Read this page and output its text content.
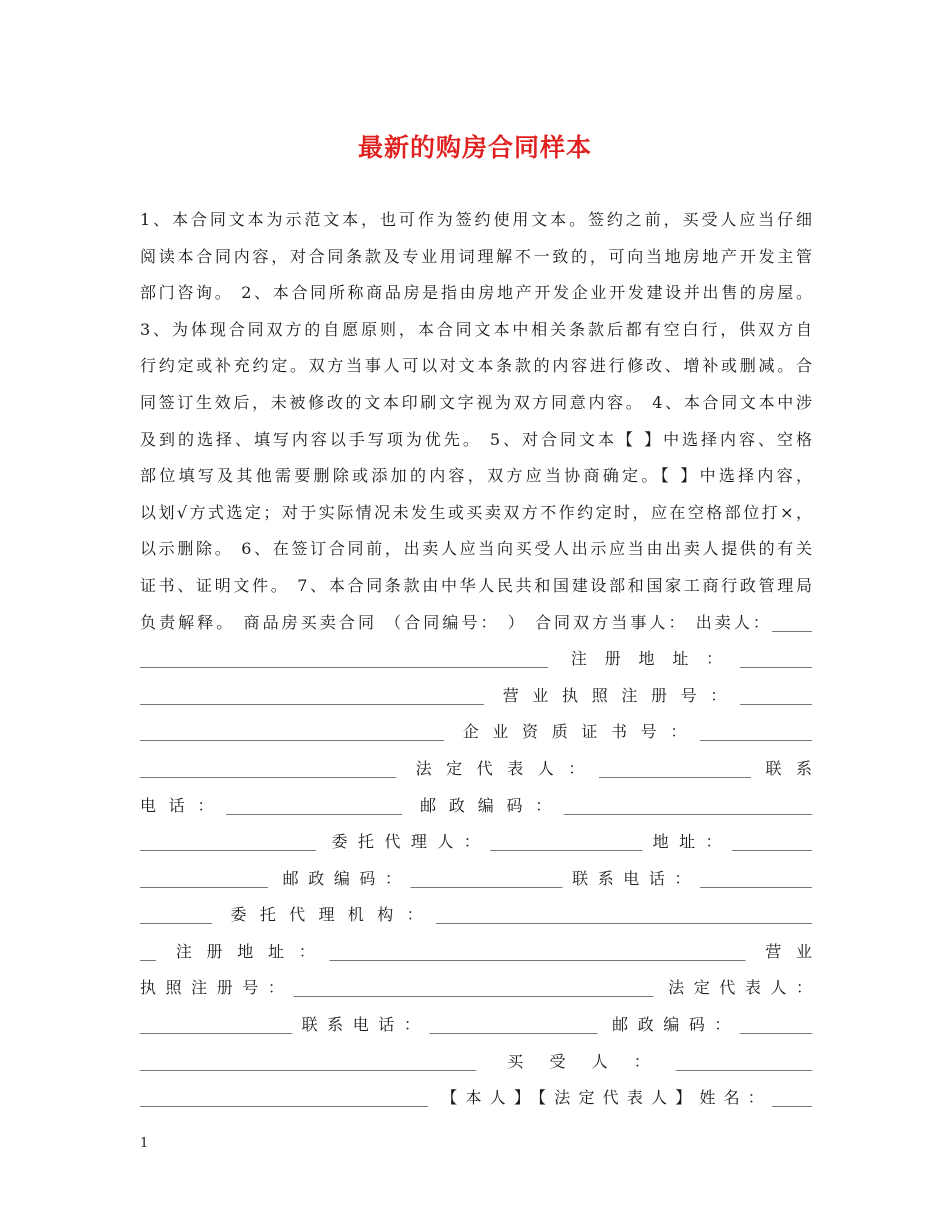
最新的购房合同样本
1、本合同文本为示范文本，也可作为签约使用文本。签约之前，买受人应当仔细
阅读本合同内容，对合同条款及专业用词理解不一致的，可向当地房地产开发主管
部门咨询。 2、本合同所称商品房是指由房地产开发企业开发建设并出售的房屋。
3、为体现合同双方的自愿原则，本合同文本中相关条款后都有空白行，供双方自
行约定或补充约定。双方当事人可以对文本条款的内容进行修改、增补或删减。合
同签订生效后，未被修改的文本印刷文字视为双方同意内容。 4、本合同文本中涉
及到的选择、填写内容以手写项为优先。 5、对合同文本【 】中选择内容、空格
部位填写及其他需要删除或添加的内容，双方应当协商确定。【 】中选择内容，
以划√方式选定；对于实际情况未发生或买卖双方不作约定时，应在空格部位打×，
以示删除。 6、在签订合同前，出卖人应当向买受人出示应当由出卖人提供的有关
证书、证明文件。 7、本合同条款由中华人民共和国建设部和国家工商行政管理局
负责解释。 商品房买卖合同 （合同编号： ） 合同双方当事人： 出卖人：_____
___________________________________________________ 注册地址：_________
___________________________________________ 营业执照注册号：_________
______________________________________ 企业资质证书号：______________
________________________________ 法定代表人：___________________联系
电话：______________________ 邮政编码：_______________________________
______________________ 委托代理人：___________________地址：__________
________________ 邮政编码：___________________联系电话：______________
_________ 委托代理机构：_______________________________________________
__ 注册地址：____________________________________________________ 营业
执照注册号：_____________________________________________ 法定代表人：
___________________联系电话：_____________________ 邮政编码：_________
__________________________________________ 买受人：_________________
____________________________________ 【本人】【法定代表人】姓名：_____
1
